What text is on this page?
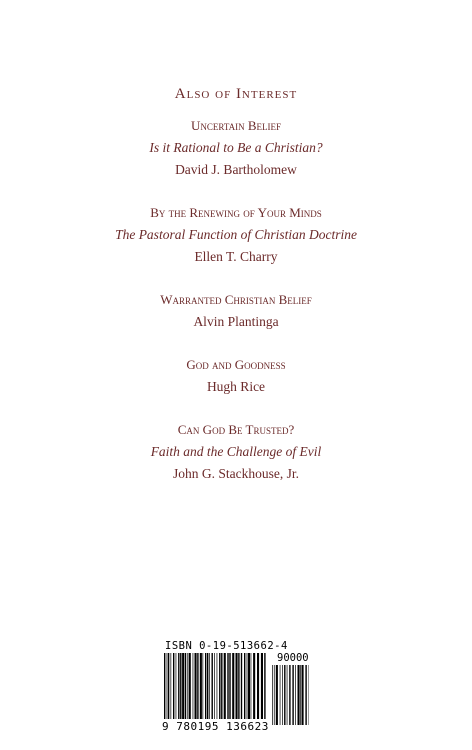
Also of Interest
Uncertain Belief
Is it Rational to Be a Christian?
David J. Bartholomew
By the Renewing of Your Minds
The Pastoral Function of Christian Doctrine
Ellen T. Charry
Warranted Christian Belief
Alvin Plantinga
God and Goodness
Hugh Rice
Can God Be Trusted?
Faith and the Challenge of Evil
John G. Stackhouse, Jr.
ISBN 0-19-513662-4
90000
9 780195 136623
